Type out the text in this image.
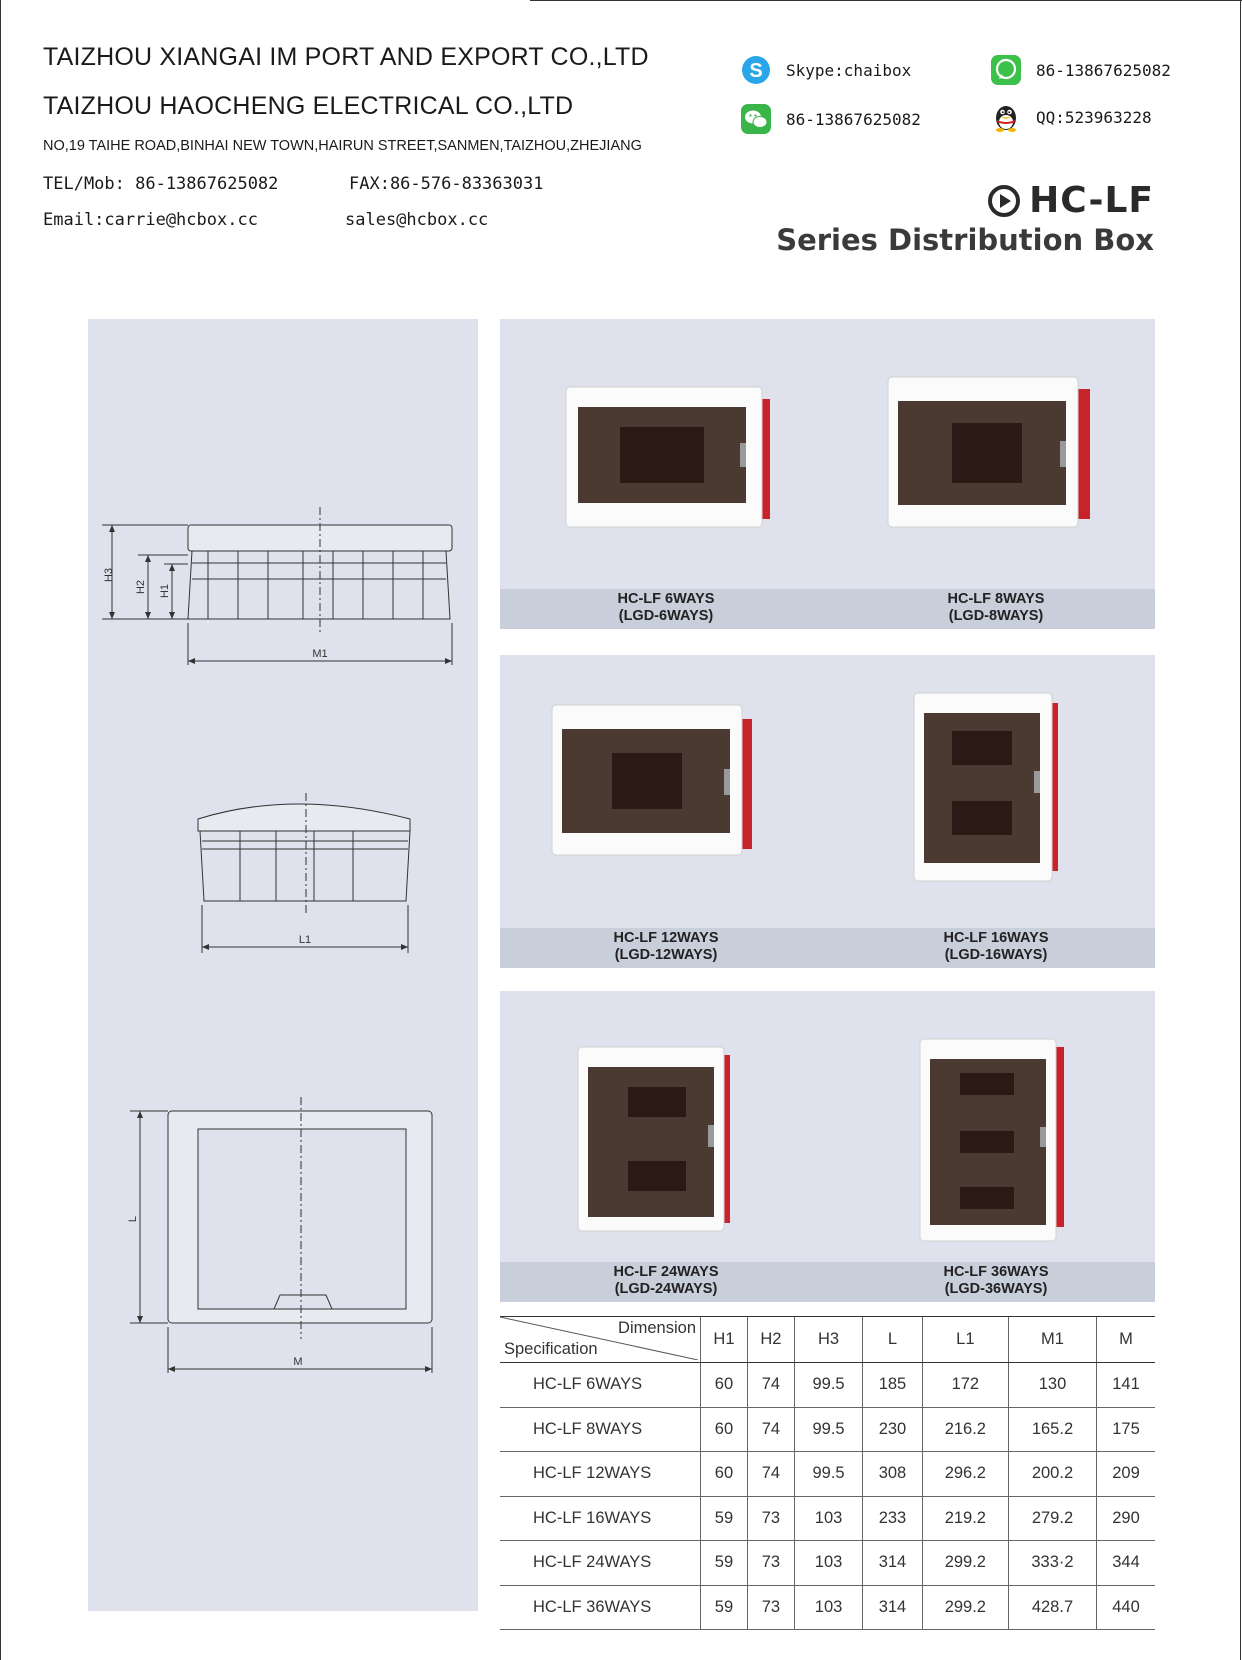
TAIZHOU XIANGAI IM PORT AND EXPORT CO.,LTD
TAIZHOU HAOCHENG ELECTRICAL CO.,LTD
NO,19 TAIHE ROAD,BINHAI NEW TOWN,HAIRUN STREET,SANMEN,TAIZHOU,ZHEJIANG
TEL/Mob: 86-13867625082	FAX:86-576-83363031
Email:carrie@hcbox.cc	sales@hcbox.cc
S Skype:chaibox	86-13867625082
86-13867625082	QQ:523963228
HC-LF
Series Distribution Box
H3
H2 H1
M1
L1
L
M
HC-LF 6WAYS
(LGD-6WAYS)
HC-LF 8WAYS
(LGD-8WAYS)
HC-LF 12WAYS
(LGD-12WAYS)
HC-LF 16WAYS
(LGD-16WAYS)
HC-LF 24WAYS
(LGD-24WAYS)
HC-LF 36WAYS
(LGD-36WAYS)
Dimension
Specification	H1	H2	H3	L	L1	M1	M
HC-LF 6WAYS	60	74	99.5	185	172	130	141
HC-LF 8WAYS	60	74	99.5	230	216.2	165.2	175
HC-LF 12WAYS	60	74	99.5	308	296.2	200.2	209
HC-LF 16WAYS	59	73	103	233	219.2	279.2	290
HC-LF 24WAYS	59	73	103	314	299.2	333·2	344
HC-LF 36WAYS	59	73	103	314	299.2	428.7	440
